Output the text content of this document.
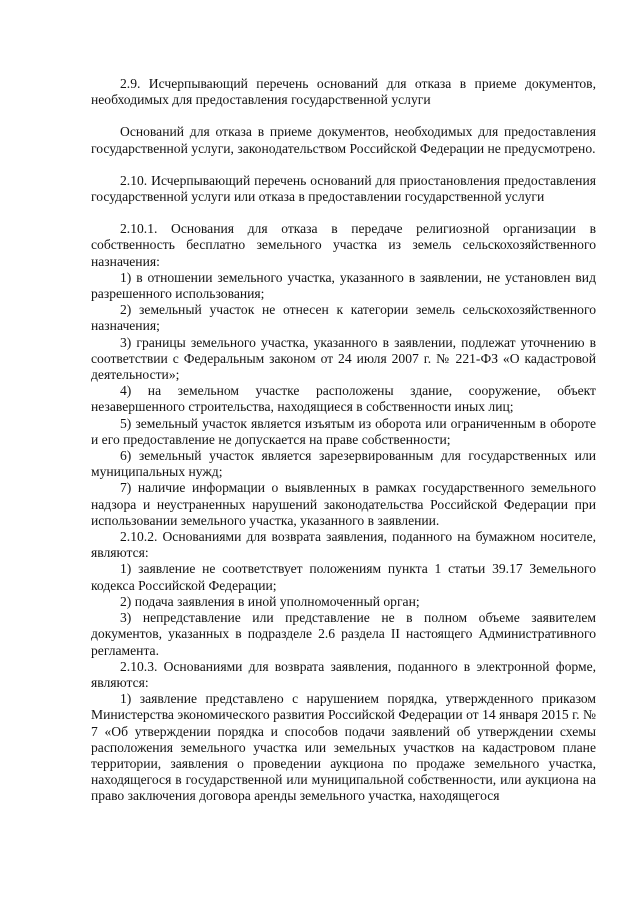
2.9. Исчерпывающий перечень оснований для отказа в приеме документов, необходимых для предоставления государственной услуги

Оснований для отказа в приеме документов, необходимых для предоставления государственной услуги, законодательством Российской Федерации не предусмотрено.

2.10. Исчерпывающий перечень оснований для приостановления предоставления государственной услуги или отказа в предоставлении государственной услуги

2.10.1. Основания для отказа в передаче религиозной организации в собственность бесплатно земельного участка из земель сельскохозяйственного назначения:

1) в отношении земельного участка, указанного в заявлении, не установлен вид разрешенного использования;

2) земельный участок не отнесен к категории земель сельскохозяйственного назначения;

3) границы земельного участка, указанного в заявлении, подлежат уточнению в соответствии с Федеральным законом от 24 июля 2007 г. № 221-ФЗ «О кадастровой деятельности»;

4) на земельном участке расположены здание, сооружение, объект незавершенного строительства, находящиеся в собственности иных лиц;

5) земельный участок является изъятым из оборота или ограниченным в обороте и его предоставление не допускается на праве собственности;

6) земельный участок является зарезервированным для государственных или муниципальных нужд;

7) наличие информации о выявленных в рамках государственного земельного надзора и неустраненных нарушений законодательства Российской Федерации при использовании земельного участка, указанного в заявлении.

2.10.2. Основаниями для возврата заявления, поданного на бумажном носителе, являются:

1) заявление не соответствует положениям пункта 1 статьи 39.17 Земельного кодекса Российской Федерации;

2) подача заявления в иной уполномоченный орган;

3) непредставление или представление не в полном объеме заявителем документов, указанных в подразделе 2.6 раздела II настоящего Административного регламента.

2.10.3. Основаниями для возврата заявления, поданного в электронной форме, являются:

1) заявление представлено с нарушением порядка, утвержденного приказом Министерства экономического развития Российской Федерации от 14 января 2015 г. № 7 «Об утверждении порядка и способов подачи заявлений об утверждении схемы расположения земельного участка или земельных участков на кадастровом плане территории, заявления о проведении аукциона по продаже земельного участка, находящегося в государственной или муниципальной собственности, или аукциона на право заключения договора аренды земельного участка, находящегося
